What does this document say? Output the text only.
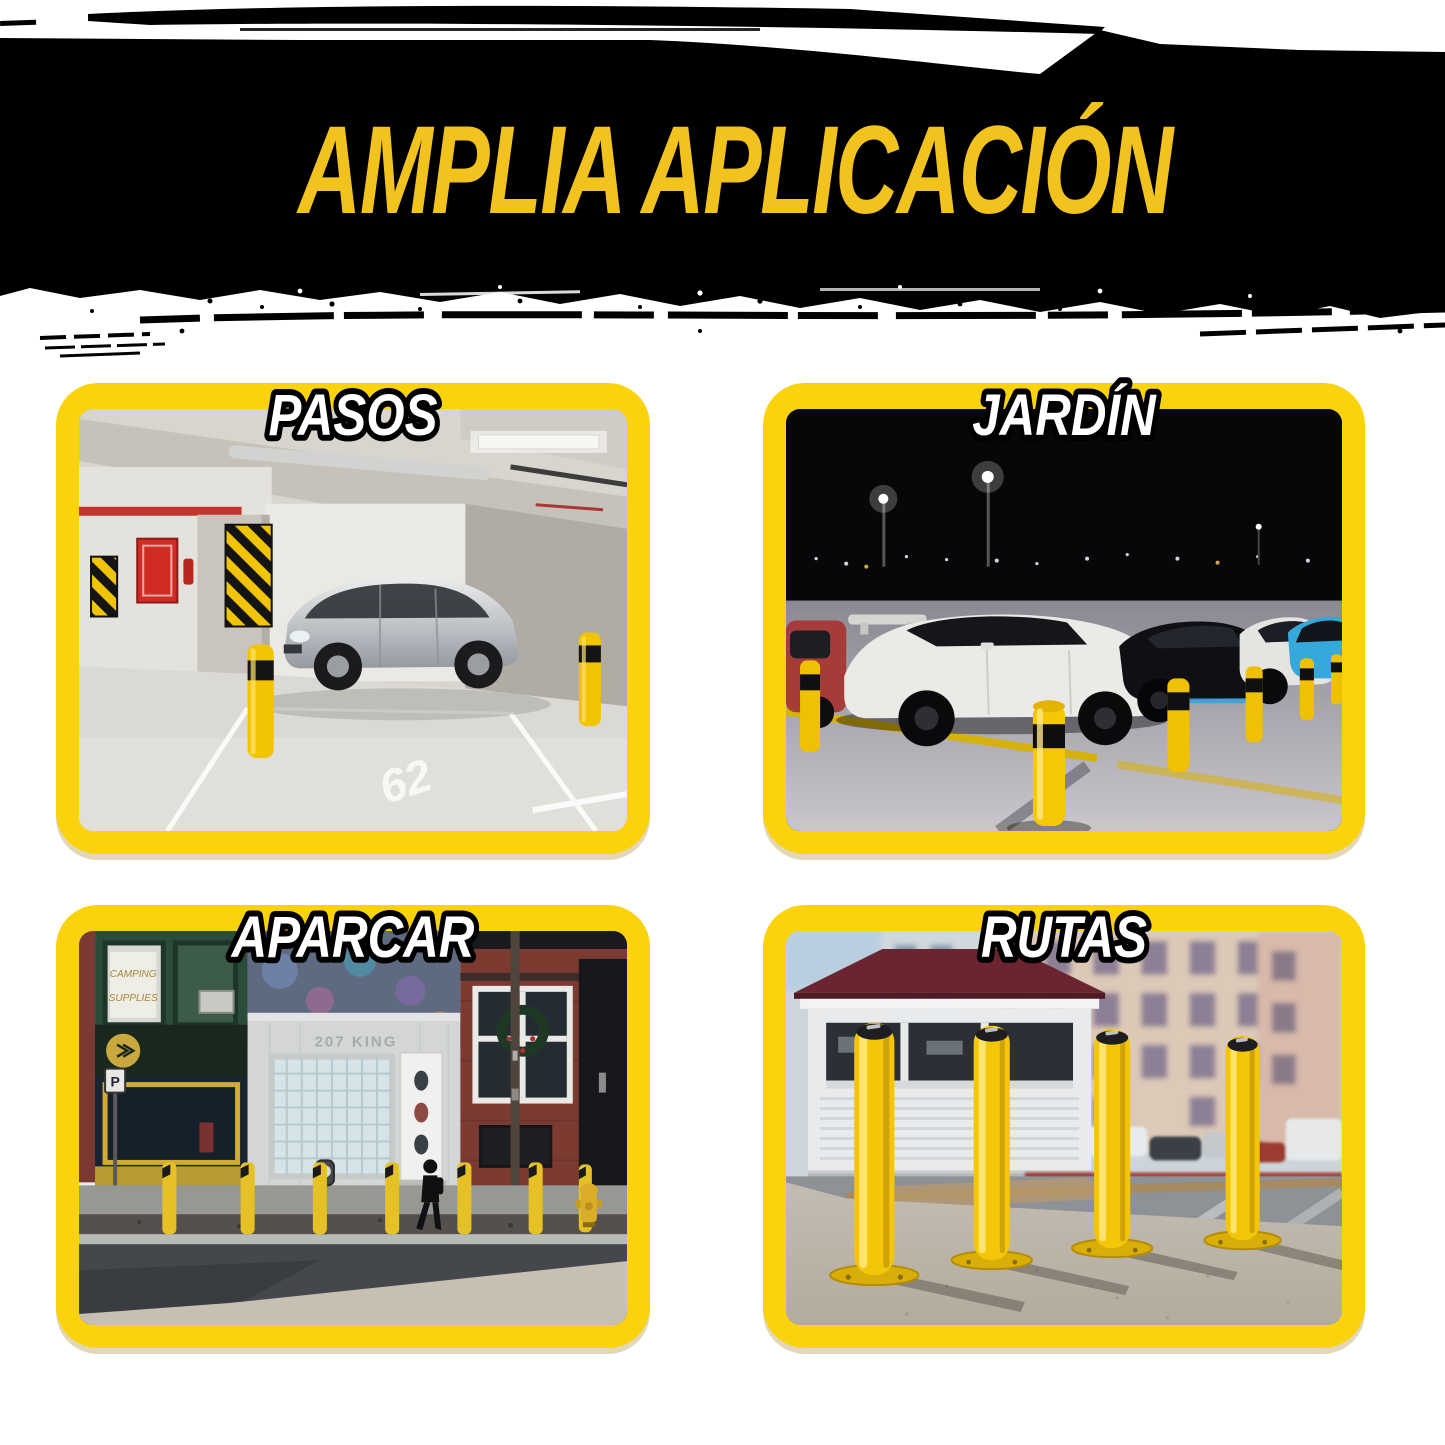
AMPLIA APLICACIÓN
62
PASOS	JARDÍN
CAMPING
SUPPLIES
207 KING
P
APARCAR	RUTAS
